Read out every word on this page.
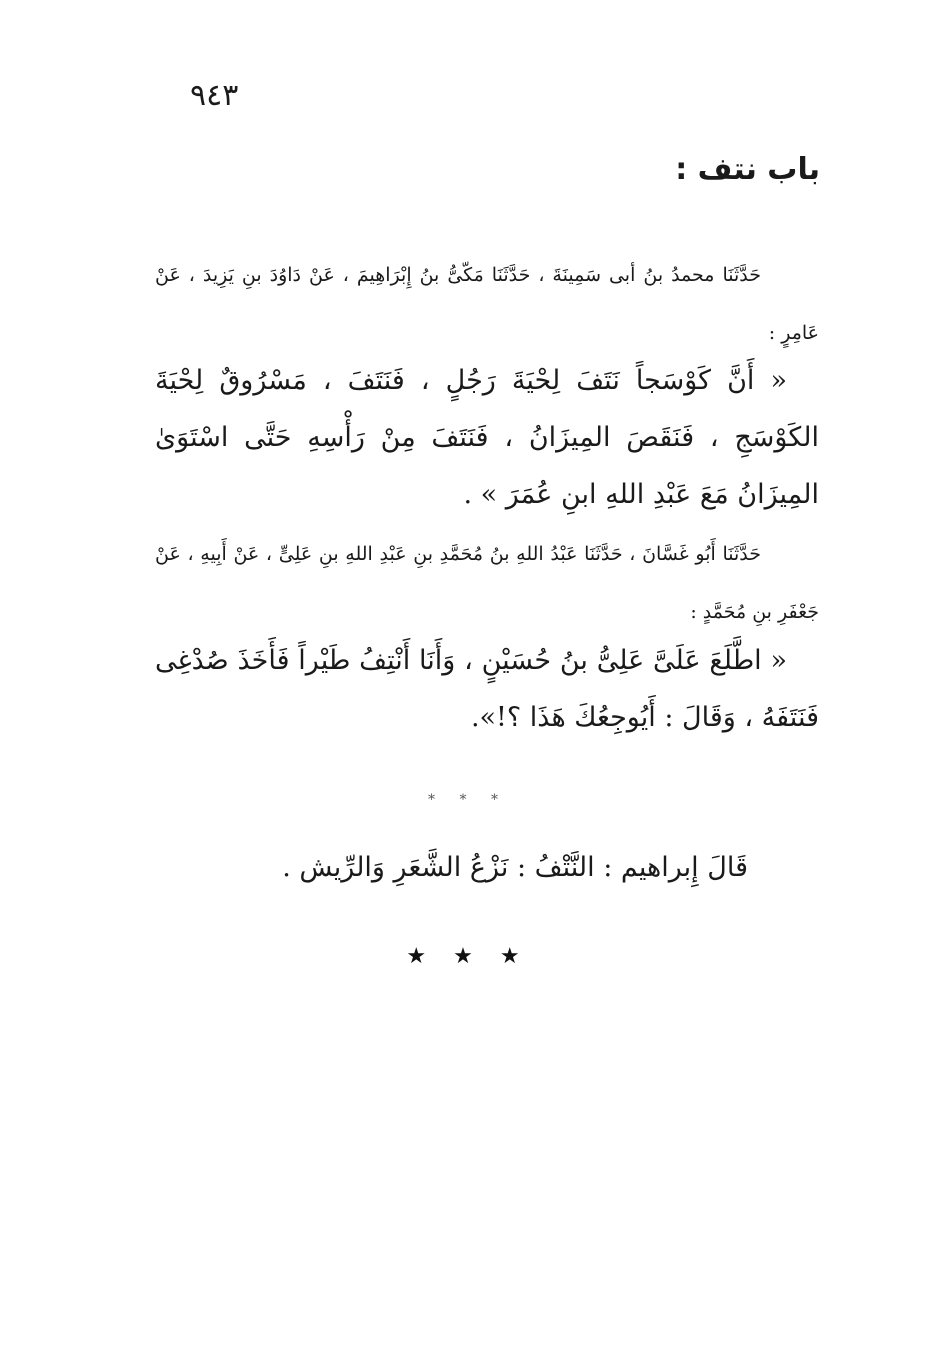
٩٤٣
باب نتف :
حَدَّثَنَا محمدُ بنُ أبى سَمِينَةَ ، حَدَّثَنَا مَكّىُّ بنُ إِبْرَاهِيمَ ، عَنْ دَاوُدَ بنِ يَزِيدَ ، عَنْ عَامِرٍ :
« أَنَّ كَوْسَجاً نَتَفَ لِحْيَةَ رَجُلٍ ، فَنَتَفَ ، مَسْرُوقٌ لِحْيَةَ الكَوْسَجِ ، فَنَقَصَ المِيزَانُ ، فَنَتَفَ مِنْ رَأْسِهِ حَتَّى اسْتَوَىٰ المِيزَانُ مَعَ عَبْدِ اللهِ ابنِ عُمَرَ » .
حَدَّثَنَا أَبُو غَسَّانَ ، حَدَّثَنَا عَبْدُ اللهِ بنُ مُحَمَّدِ بنِ عَبْدِ اللهِ بنِ عَلِىٍّ ، عَنْ أَبِيهِ ، عَنْ جَعْفَرِ بنِ مُحَمَّدٍ :
« اطَّلَعَ عَلَىَّ عَلِىُّ بنُ حُسَيْنٍ ، وَأَنَا أَنْتِفُ طَيْراً فَأَخَذَ صُدْغِى فَنَتَفَهُ ، وَقَالَ : أَيُوجِعُكَ هَذَا ؟!».
* * *
قَالَ إِبراهيم : النَّتْفُ : نَزْعُ الشَّعَرِ وَالرِّيش .
★ ★ ★
